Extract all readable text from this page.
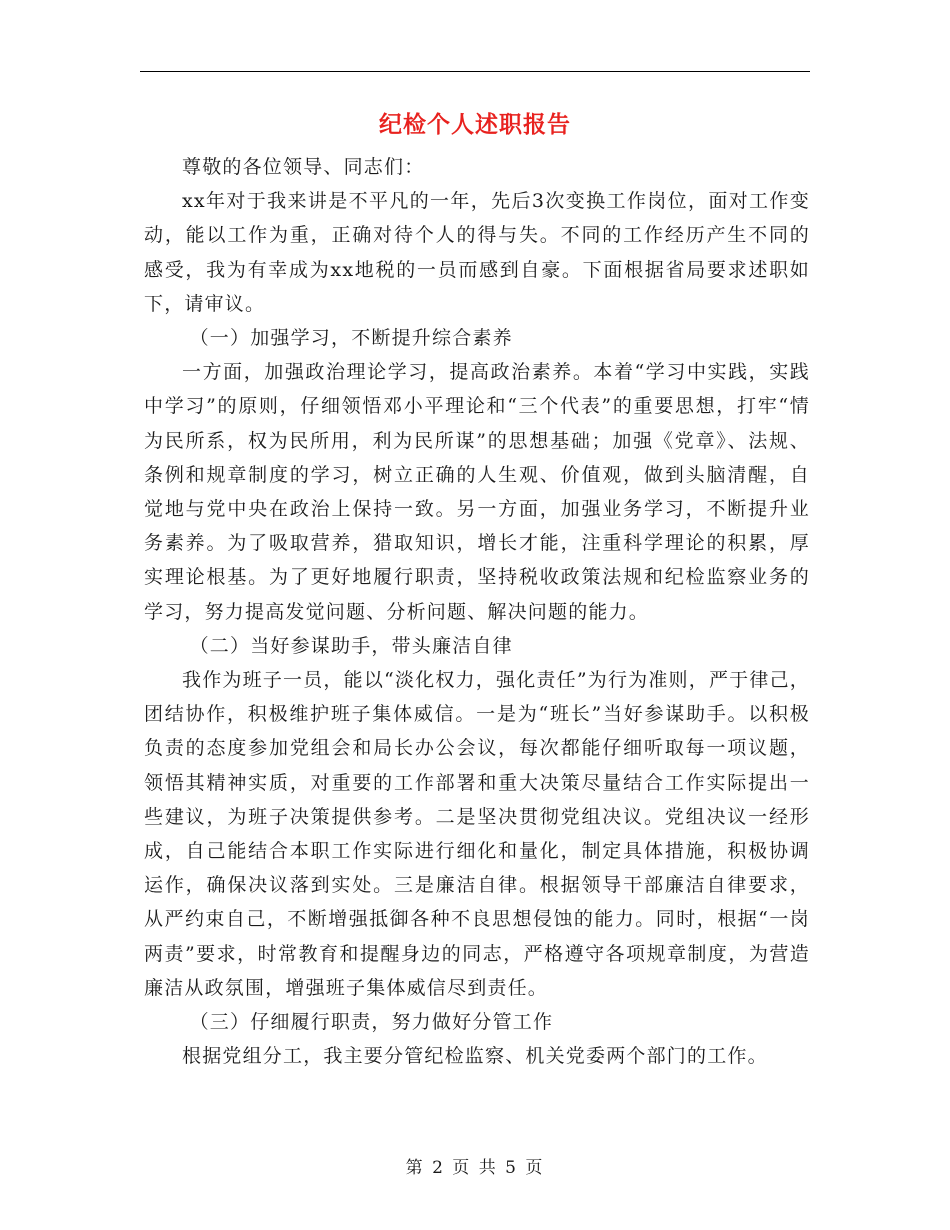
纪检个人述职报告

尊敬的各位领导、同志们：

xx年对于我来讲是不平凡的一年，先后3次变换工作岗位，面对工作变动，能以工作为重，正确对待个人的得与失。不同的工作经历产生不同的感受，我为有幸成为xx地税的一员而感到自豪。下面根据省局要求述职如下，请审议。

（一）加强学习，不断提升综合素养

一方面，加强政治理论学习，提高政治素养。本着“学习中实践，实践中学习”的原则，仔细领悟邓小平理论和“三个代表”的重要思想，打牢“情为民所系，权为民所用，利为民所谋”的思想基础；加强《党章》、法规、条例和规章制度的学习，树立正确的人生观、价值观，做到头脑清醒，自觉地与党中央在政治上保持一致。另一方面，加强业务学习，不断提升业务素养。为了吸取营养，猎取知识，增长才能，注重科学理论的积累，厚实理论根基。为了更好地履行职责，坚持税收政策法规和纪检监察业务的学习，努力提高发觉问题、分析问题、解决问题的能力。

（二）当好参谋助手，带头廉洁自律

我作为班子一员，能以“淡化权力，强化责任”为行为准则，严于律己，团结协作，积极维护班子集体威信。一是为“班长”当好参谋助手。以积极负责的态度参加党组会和局长办公会议，每次都能仔细听取每一项议题，领悟其精神实质，对重要的工作部署和重大决策尽量结合工作实际提出一些建议，为班子决策提供参考。二是坚决贯彻党组决议。党组决议一经形成，自己能结合本职工作实际进行细化和量化，制定具体措施，积极协调运作，确保决议落到实处。三是廉洁自律。根据领导干部廉洁自律要求，从严约束自己，不断增强抵御各种不良思想侵蚀的能力。同时，根据“一岗两责”要求，时常教育和提醒身边的同志，严格遵守各项规章制度，为营造廉洁从政氛围，增强班子集体威信尽到责任。

（三）仔细履行职责，努力做好分管工作

根据党组分工，我主要分管纪检监察、机关党委两个部门的工作。

第 2 页 共 5 页
